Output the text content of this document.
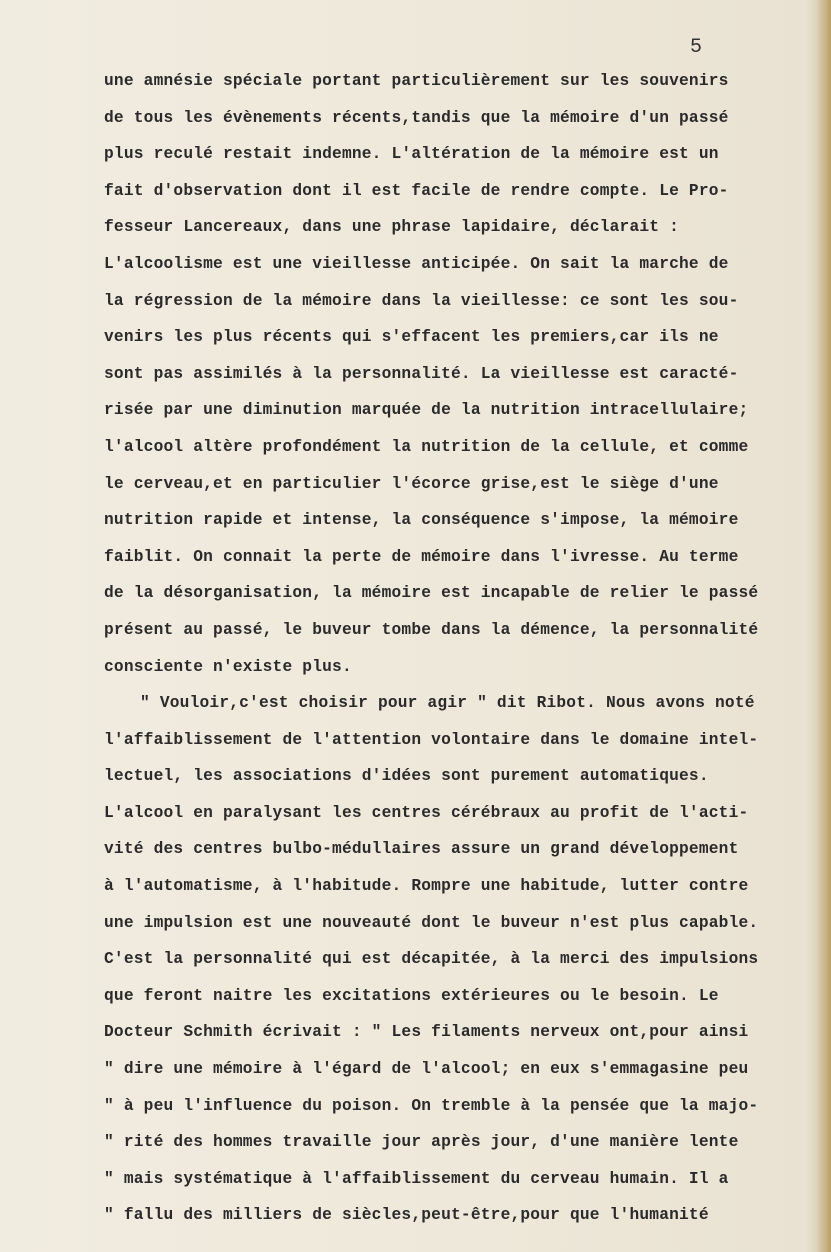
5
une amnésie spéciale portant particulièrement sur les souvenirs
de tous les évènements récents,tandis que la mémoire d'un passé
plus reculé restait indemne. L'altération de la mémoire est un
fait d'observation dont il est facile de rendre compte. Le Pro-
fesseur Lancereaux, dans une phrase lapidaire, déclarait :
L'alcoolisme est une vieillesse anticipée. On sait la marche de
la régression de la mémoire dans la vieillesse: ce sont les sou-
venirs les plus récents qui s'effacent les premiers,car ils ne
sont pas assimilés à la personnalité. La vieillesse est caracté-
risée par une diminution marquée de la nutrition intracellulaire;
l'alcool altère profondément la nutrition de la cellule, et comme
le cerveau,et en particulier l'écorce grise,est le siège d'une
nutrition rapide et intense, la conséquence s'impose, la mémoire
faiblit. On connait la perte de mémoire dans l'ivresse. Au terme
de la désorganisation, la mémoire est incapable de relier le passé
présent au passé, le buveur tombe dans la démence, la personnalité
consciente n'existe plus.
" Vouloir,c'est choisir pour agir " dit Ribot. Nous avons noté
l'affaiblissement de l'attention volontaire dans le domaine intel-
lectuel, les associations d'idées sont purement automatiques.
L'alcool en paralysant les centres cérébraux au profit de l'acti-
vité des centres bulbo-médullaires assure un grand développement
à l'automatisme, à l'habitude. Rompre une habitude, lutter contre
une impulsion est une nouveauté dont le buveur n'est plus capable.
C'est la personnalité qui est décapitée, à la merci des impulsions
que feront naitre les excitations extérieures ou le besoin. Le
Docteur Schmith écrivait : " Les filaments nerveux ont,pour ainsi
" dire une mémoire à l'égard de l'alcool; en eux s'emmagasine peu
" à peu l'influence du poison. On tremble à la pensée que la majo-
" rité des hommes travaille jour après jour, d'une manière lente
" mais systématique à l'affaiblissement du cerveau humain. Il a
" fallu des milliers de siècles,peut-être,pour que l'humanité
